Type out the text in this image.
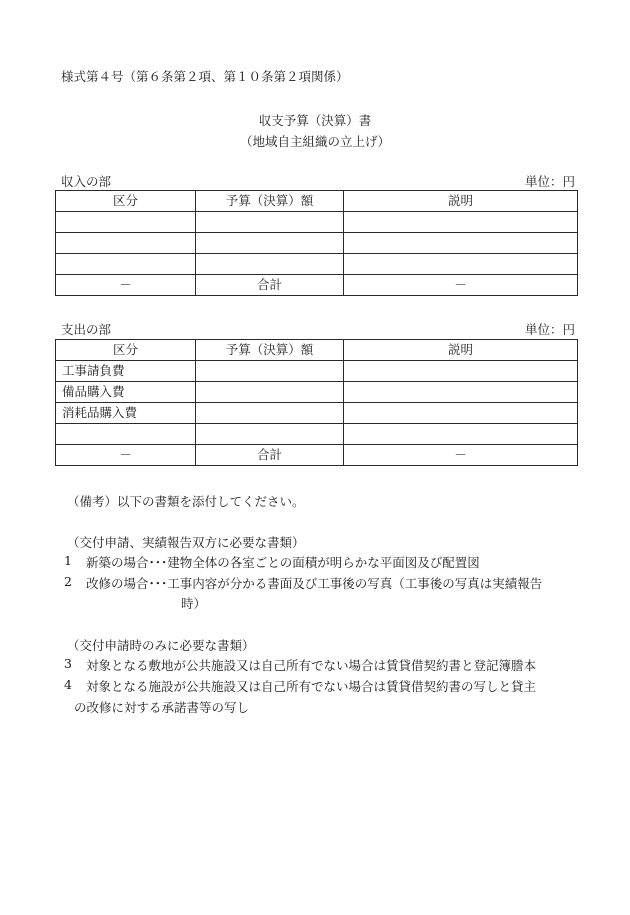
様式第４号（第６条第２項、第１０条第２項関係）
収支予算（決算）書
（地域自主組織の立上げ）
収入の部	単位：円
区分	予算（決算）額	説明

－	合計	－
支出の部	単位：円
区分	予算（決算）額	説明
工事請負費		
備品購入費		
消耗品購入費		

－	合計	－
（備考）以下の書類を添付してください。
（交付申請、実績報告双方に必要な書類）
1 新築の場合･･･建物全体の各室ごとの面積が明らかな平面図及び配置図
2 改修の場合･･･工事内容が分かる書面及び工事後の写真（工事後の写真は実績報告
時）
（交付申請時のみに必要な書類）
3 対象となる敷地が公共施設又は自己所有でない場合は賃貸借契約書と登記簿謄本
4 対象となる施設が公共施設又は自己所有でない場合は賃貸借契約書の写しと貸主
の改修に対する承諾書等の写し
